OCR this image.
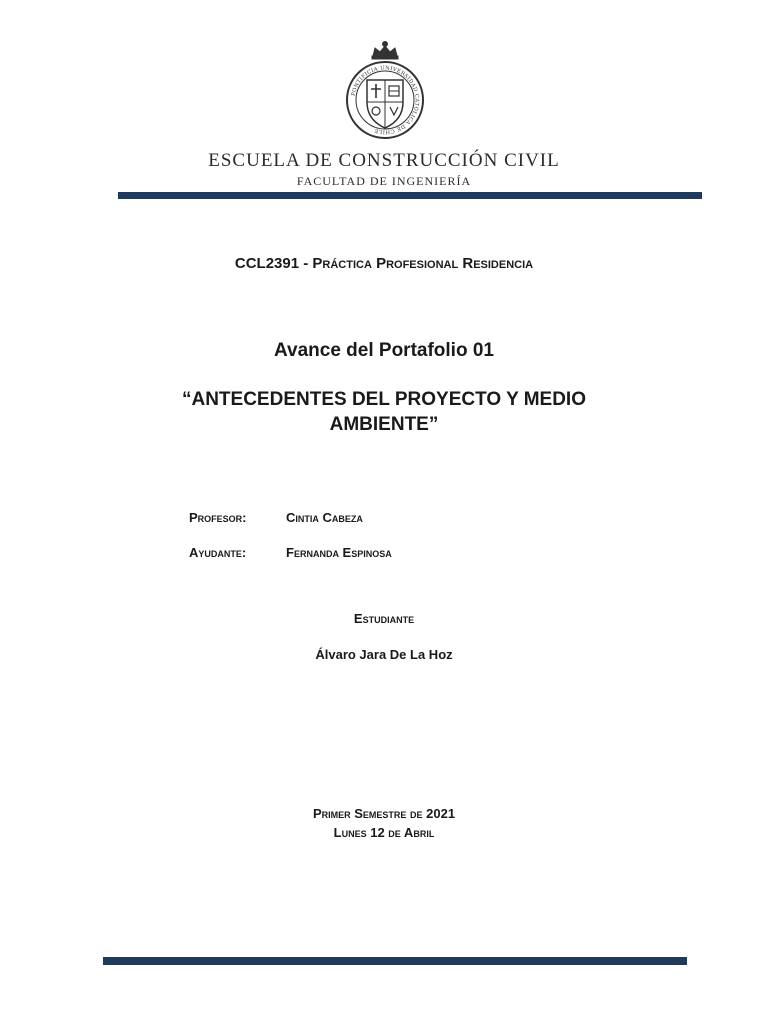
PONTIFICIA UNIVERSIDAD CATÓLICA DE CHILE
ESCUELA DE CONSTRUCCIÓN CIVIL
FACULTAD DE INGENIERÍA
CCL2391 - Práctica Profesional Residencia
Avance del Portafolio 01
“ANTECEDENTES DEL PROYECTO Y MEDIO AMBIENTE”
Profesor:	Cintia Cabeza
Ayudante:	Fernanda Espinosa
Estudiante
Álvaro Jara De La Hoz
Primer Semestre de 2021
Lunes 12 de Abril
